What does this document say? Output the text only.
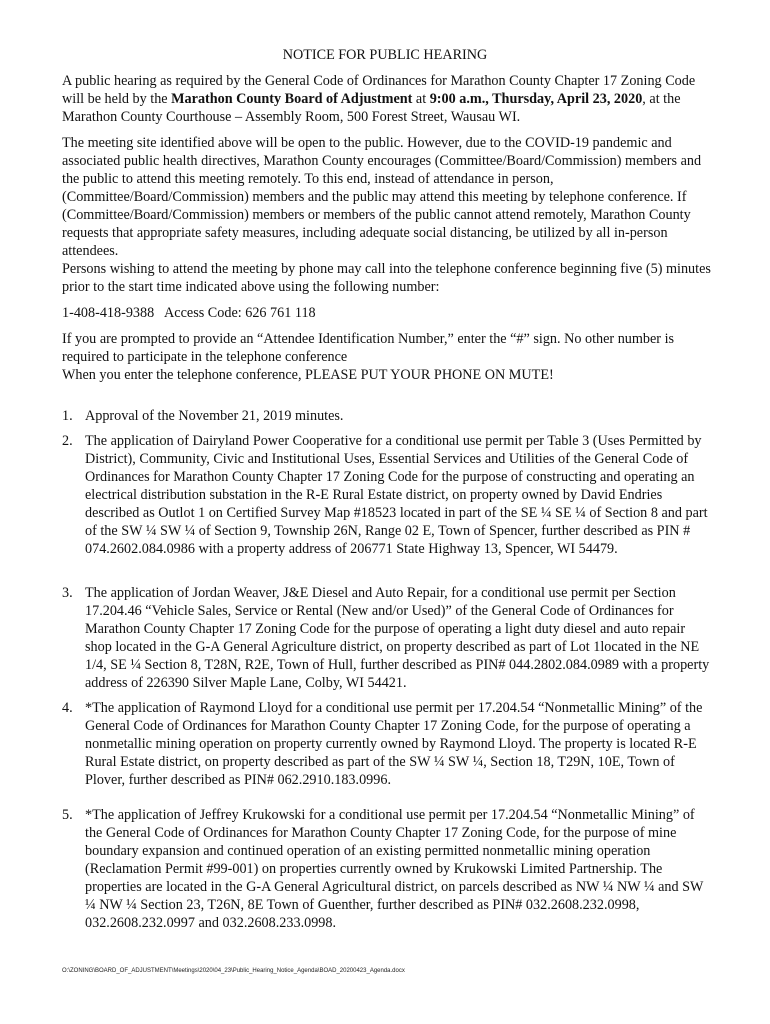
NOTICE FOR PUBLIC HEARING

A public hearing as required by the General Code of Ordinances for Marathon County Chapter 17 Zoning Code will be held by the Marathon County Board of Adjustment at 9:00 a.m., Thursday, April 23, 2020, at the Marathon County Courthouse – Assembly Room, 500 Forest Street, Wausau WI.

The meeting site identified above will be open to the public. However, due to the COVID-19 pandemic and associated public health directives, Marathon County encourages (Committee/Board/Commission) members and the public to attend this meeting remotely. To this end, instead of attendance in person, (Committee/Board/Commission) members and the public may attend this meeting by telephone conference. If (Committee/Board/Commission) members or members of the public cannot attend remotely, Marathon County requests that appropriate safety measures, including adequate social distancing, be utilized by all in-person attendees.

Persons wishing to attend the meeting by phone may call into the telephone conference beginning five (5) minutes prior to the start time indicated above using the following number:

1-408-418-9388   Access Code: 626 761 118

If you are prompted to provide an “Attendee Identification Number,” enter the “#” sign. No other number is required to participate in the telephone conference

When you enter the telephone conference, PLEASE PUT YOUR PHONE ON MUTE!

1. Approval of the November 21, 2019 minutes.
2. The application of Dairyland Power Cooperative for a conditional use permit per Table 3 (Uses Permitted by District), Community, Civic and Institutional Uses, Essential Services and Utilities of the General Code of Ordinances for Marathon County Chapter 17 Zoning Code for the purpose of constructing and operating an electrical distribution substation in the R-E Rural Estate district, on property owned by David Endries described as Outlot 1 on Certified Survey Map #18523 located in part of the SE ¼ SE ¼ of Section 8 and part of the SW ¼ SW ¼ of Section 9, Township 26N, Range 02 E, Town of Spencer, further described as PIN # 074.2602.084.0986 with a property address of 206771 State Highway 13, Spencer, WI 54479.
3. The application of Jordan Weaver, J&E Diesel and Auto Repair, for a conditional use permit per Section 17.204.46 “Vehicle Sales, Service or Rental (New and/or Used)” of the General Code of Ordinances for Marathon County Chapter 17 Zoning Code for the purpose of operating a light duty diesel and auto repair shop located in the G-A General Agriculture district, on property described as part of Lot 1located in the NE 1/4, SE ¼ Section 8, T28N, R2E, Town of Hull, further described as PIN# 044.2802.084.0989 with a property address of 226390 Silver Maple Lane, Colby, WI 54421.
4. *The application of Raymond Lloyd for a conditional use permit per 17.204.54 “Nonmetallic Mining” of the General Code of Ordinances for Marathon County Chapter 17 Zoning Code, for the purpose of operating a nonmetallic mining operation on property currently owned by Raymond Lloyd. The property is located R-E Rural Estate district, on property described as part of the SW ¼ SW ¼, Section 18, T29N, 10E, Town of Plover, further described as PIN# 062.2910.183.0996.
5. *The application of Jeffrey Krukowski for a conditional use permit per 17.204.54 “Nonmetallic Mining” of the General Code of Ordinances for Marathon County Chapter 17 Zoning Code, for the purpose of mine boundary expansion and continued operation of an existing permitted nonmetallic mining operation (Reclamation Permit #99-001) on properties currently owned by Krukowski Limited Partnership. The properties are located in the G-A General Agricultural district, on parcels described as NW ¼ NW ¼ and SW ¼ NW ¼ Section 23, T26N, 8E Town of Guenther, further described as PIN# 032.2608.232.0998, 032.2608.232.0997 and 032.2608.233.0998.
O:\ZONING\BOARD_OF_ADJUSTMENT\Meetings\2020\04_23\Public_Hearing_Notice_Agenda\BOAD_20200423_Agenda.docx
